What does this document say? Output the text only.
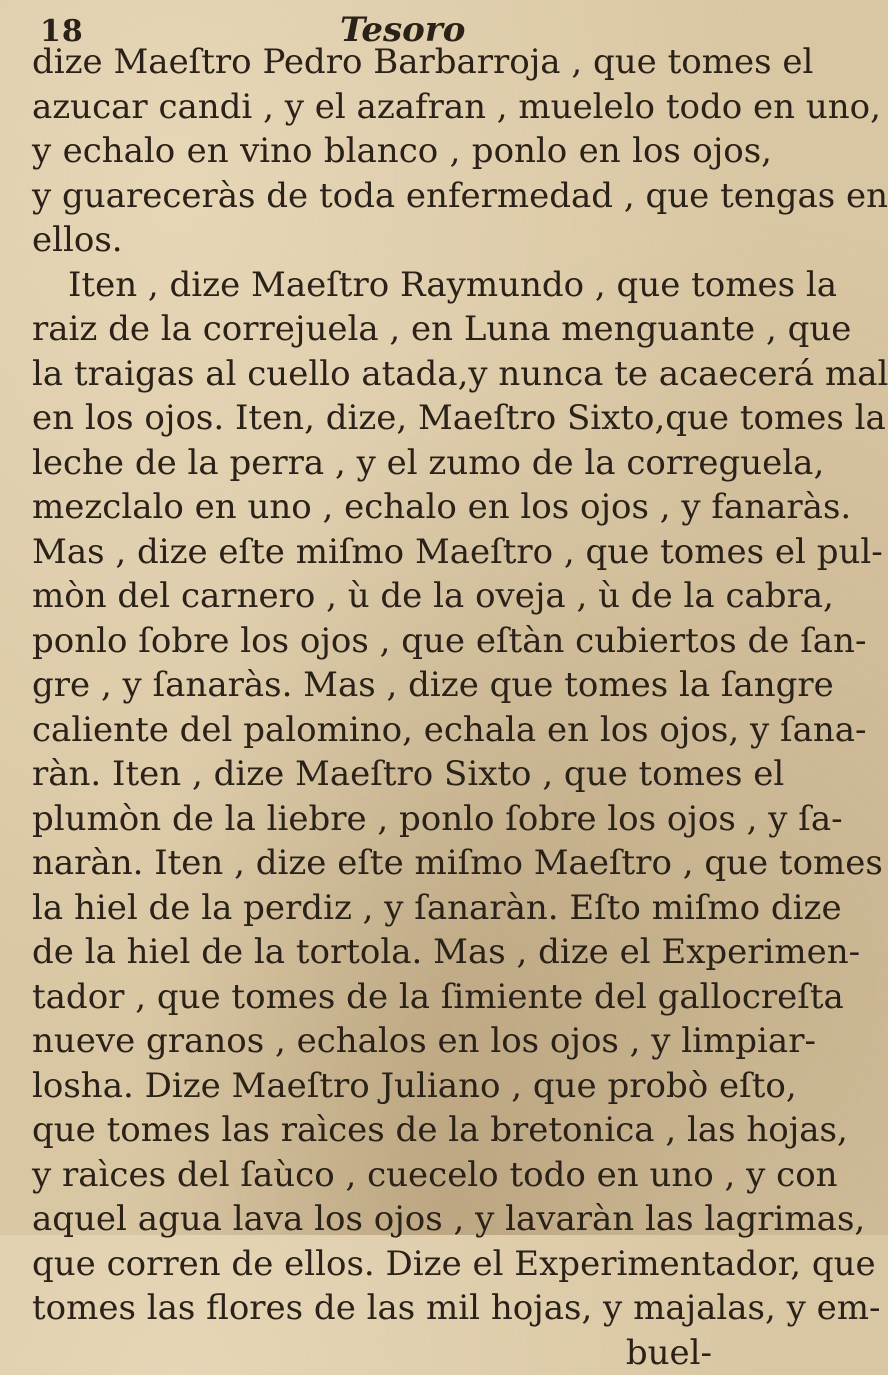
18	Tesoro
dize Maeſtro Pedro Barbarroja , que tomes el
azucar candi , y el azafran , muelelo todo en uno,
y echalo en vino blanco , ponlo en los ojos,
y guareceràs de toda enfermedad , que tengas en
ellos.
Iten , dize Maeſtro Raymundo , que tomes la
raiz de la correjuela , en Luna menguante , que
la traigas al cuello atada,y nunca te acaecerá mal
en los ojos. Iten, dize, Maeſtro Sixto,que tomes la
leche de la perra , y el zumo de la correguela,
mezclalo en uno , echalo en los ojos , y fanaràs.
Mas , dize eſte miſmo Maeſtro , que tomes el pul-
mòn del carnero , ù de la oveja , ù de la cabra,
ponlo ſobre los ojos , que eſtàn cubiertos de ſan-
gre , y ſanaràs. Mas , dize que tomes la ſangre
caliente del palomino, echala en los ojos, y ſana-
ràn. Iten , dize Maeſtro Sixto , que tomes el
plumòn de la liebre , ponlo ſobre los ojos , y ſa-
naràn. Iten , dize eſte miſmo Maeſtro , que tomes
la hiel de la perdiz , y ſanaràn. Eſto miſmo dize
de la hiel de la tortola. Mas , dize el Experimen-
tador , que tomes de la ſimiente del gallocreſta
nueve granos , echalos en los ojos , y limpiar-
losha. Dize Maeſtro Juliano , que probò eſto,
que tomes las raìces de la bretonica , las hojas,
y raìces del ſaùco , cuecelo todo en uno , y con
aquel agua lava los ojos , y lavaràn las lagrimas,
que corren de ellos. Dize el Experimentador, que
tomes las flores de las mil hojas, y majalas, y em-
buel-
